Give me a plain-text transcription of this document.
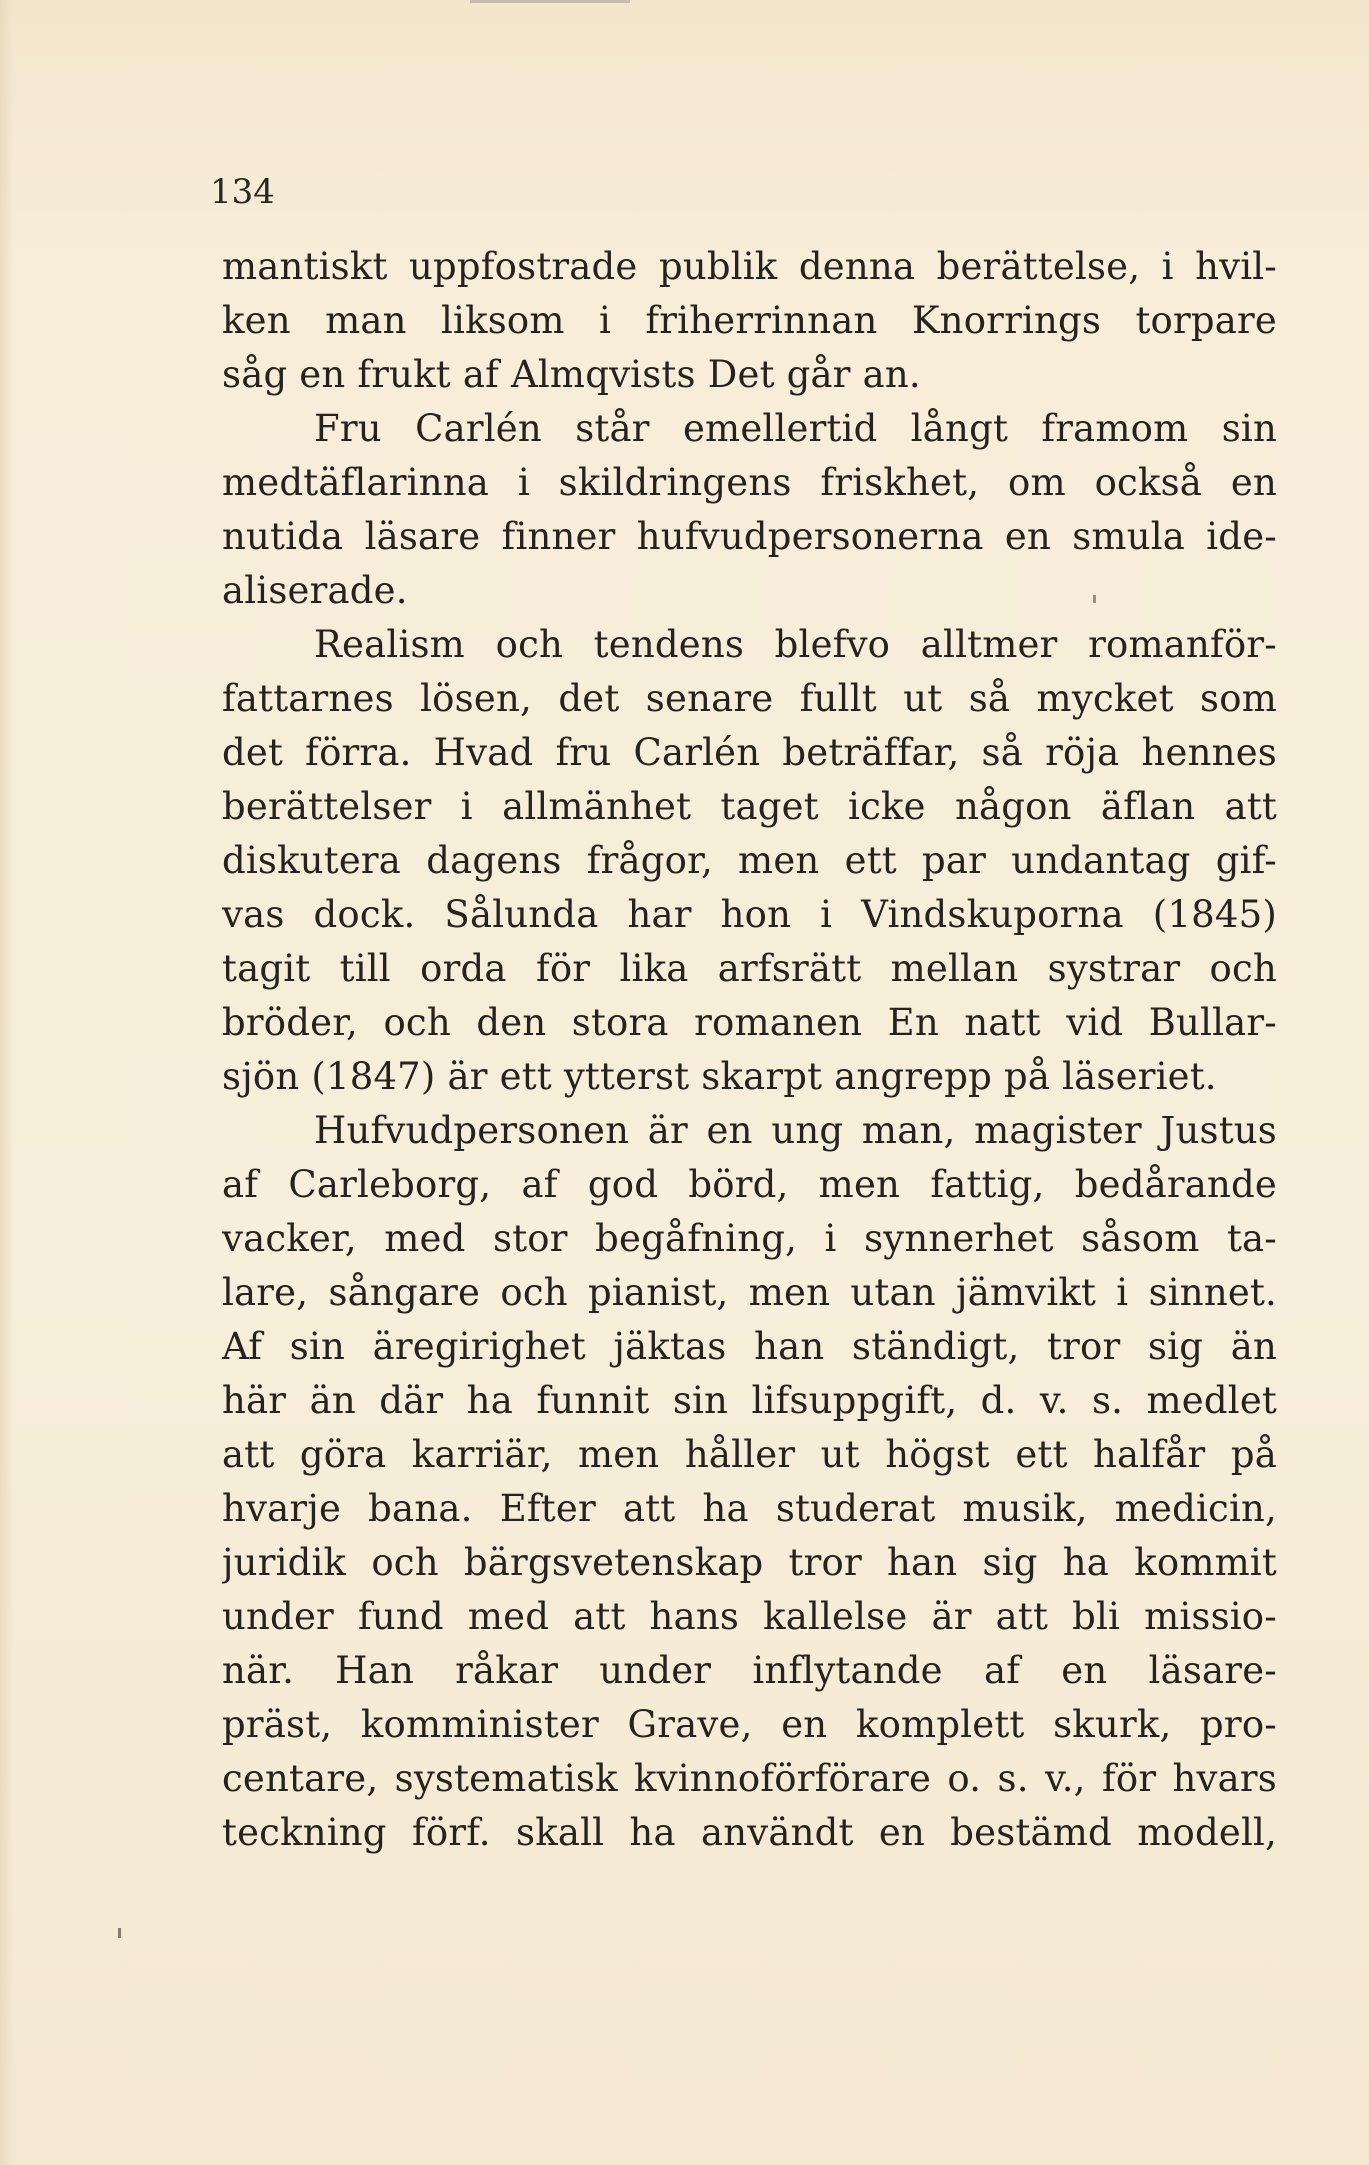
134
mantiskt uppfostrade publik denna berättelse, i hvil-
ken man liksom i friherrinnan Knorrings torpare
såg en frukt af Almqvists Det går an.
Fru Carlén står emellertid långt framom sin
medtäflarinna i skildringens friskhet, om också en
nutida läsare finner hufvudpersonerna en smula ide-
aliserade.
Realism och tendens blefvo alltmer romanför-
fattarnes lösen, det senare fullt ut så mycket som
det förra. Hvad fru Carlén beträffar, så röja hennes
berättelser i allmänhet taget icke någon äflan att
diskutera dagens frågor, men ett par undantag gif-
vas dock. Sålunda har hon i Vindskuporna (1845)
tagit till orda för lika arfsrätt mellan systrar och
bröder, och den stora romanen En natt vid Bullar-
sjön (1847) är ett ytterst skarpt angrepp på läseriet.
Hufvudpersonen är en ung man, magister Justus
af Carleborg, af god börd, men fattig, bedårande
vacker, med stor begåfning, i synnerhet såsom ta-
lare, sångare och pianist, men utan jämvikt i sinnet.
Af sin äregirighet jäktas han ständigt, tror sig än
här än där ha funnit sin lifsuppgift, d. v. s. medlet
att göra karriär, men håller ut högst ett halfår på
hvarje bana. Efter att ha studerat musik, medicin,
juridik och bärgsvetenskap tror han sig ha kommit
under fund med att hans kallelse är att bli missio-
när. Han råkar under inflytande af en läsare-
präst, komminister Grave, en komplett skurk, pro-
centare, systematisk kvinnoförförare o. s. v., för hvars
teckning förf. skall ha användt en bestämd modell,
